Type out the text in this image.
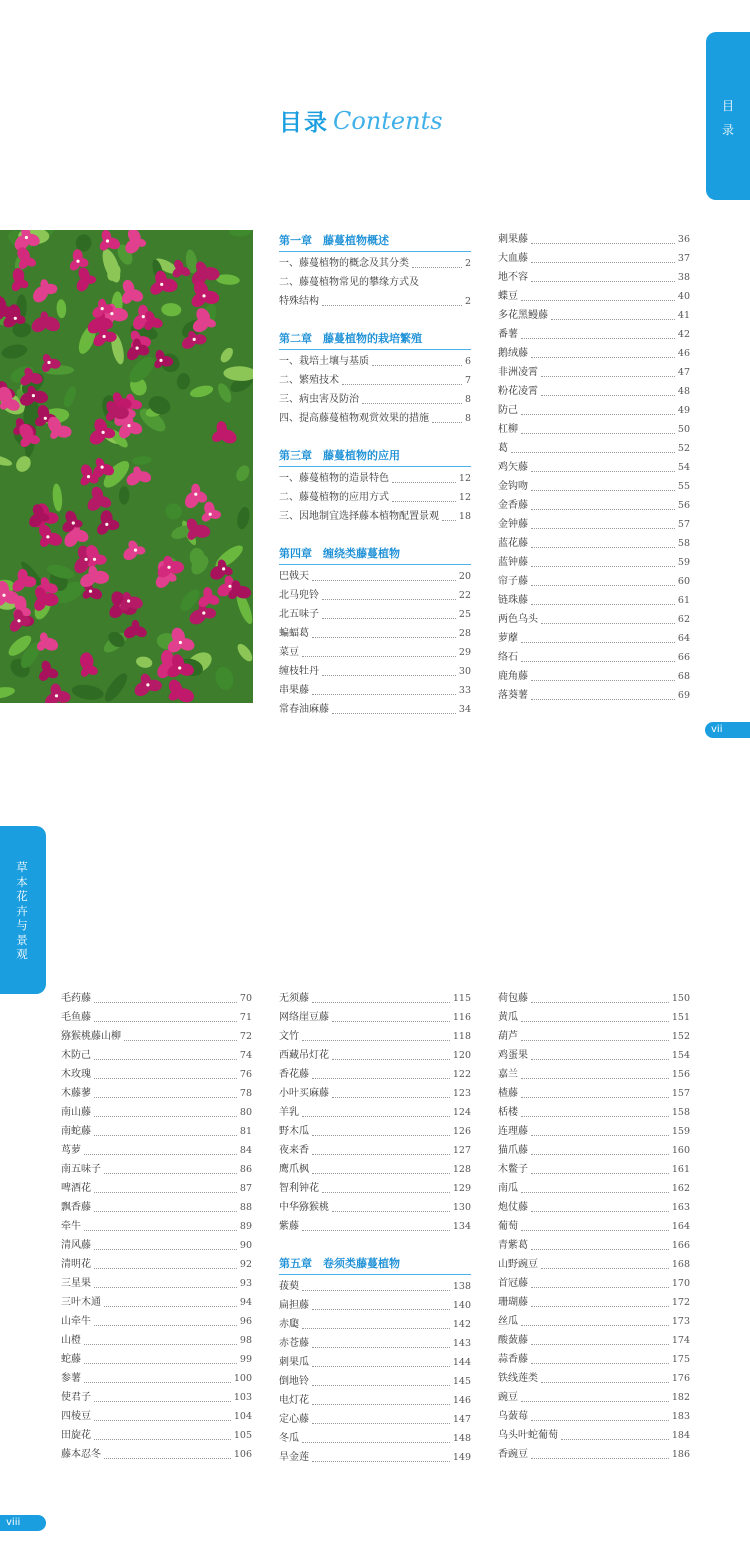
目录
草本花卉与景观
目录 Contents
第一章　藤蔓植物概述
一、藤蔓植物的概念及其分类	2
二、藤蔓植物常见的攀缘方式及
特殊结构	2
第二章　藤蔓植物的栽培繁殖
一、栽培土壤与基质	6
二、繁殖技术	7
三、病虫害及防治	8
四、提高藤蔓植物观赏效果的措施	8
第三章　藤蔓植物的应用
一、藤蔓植物的造景特色	12
二、藤蔓植物的应用方式	12
三、因地制宜选择藤本植物配置景观 18
第四章　缠绕类藤蔓植物
巴戟天	20
北马兜铃	22
北五味子	25
蝙蝠葛	28
菜豆	29
缠枝牡丹	30
串果藤	33
常春油麻藤	34
刺果藤	36
大血藤	37
地不容	38
蝶豆	40
多花黑鳗藤	41
番薯	42
鹅绒藤	46
非洲凌霄	47
粉花凌霄	48
防己	49
杠柳	50
葛	52
鸡矢藤	54
金钩吻	55
金香藤	56
金钟藤	57
蓝花藤	58
蓝钟藤	59
帘子藤	60
链珠藤	61
两色乌头	62
萝藦	64
络石	66
鹿角藤	68
落葵薯	69
vii
viii
毛药藤	70
毛鱼藤	71
猕猴桃藤山柳	72
木防己	74
木玫瑰	76
木藤蓼	78
南山藤	80
南蛇藤	81
茑萝	84
南五味子	86
啤酒花	87
飘香藤	88
牵牛	89
清风藤	90
清明花	92
三星果	93
三叶木通	94
山牵牛	96
山橙	98
蛇藤	99
参薯	100
使君子	103
四棱豆	104
田旋花	105
藤本忍冬	106
无须藤	115
网络崖豆藤	116
文竹	118
西藏吊灯花	120
香花藤	122
小叶买麻藤	123
羊乳	124
野木瓜	126
夜来香	127
鹰爪枫	128
智利钟花	129
中华猕猴桃	130
紫藤	134
第五章　卷须类藤蔓植物
菝葜	138
扁担藤	140
赤瓟	142
赤苍藤	143
刺果瓜	144
倒地铃	145
电灯花	146
定心藤	147
冬瓜	148
旱金莲	149
荷包藤	150
黄瓜	151
葫芦	152
鸡蛋果	154
嘉兰	156
楂藤	157
栝楼	158
连理藤	159
猫爪藤	160
木鳖子	161
南瓜	162
炮仗藤	163
葡萄	164
青紫葛	166
山野豌豆	168
首冠藤	170
珊瑚藤	172
丝瓜	173
酸蔹藤	174
蒜香藤	175
铁线莲类	176
豌豆	182
乌蔹莓	183
乌头叶蛇葡萄	184
香豌豆	186
